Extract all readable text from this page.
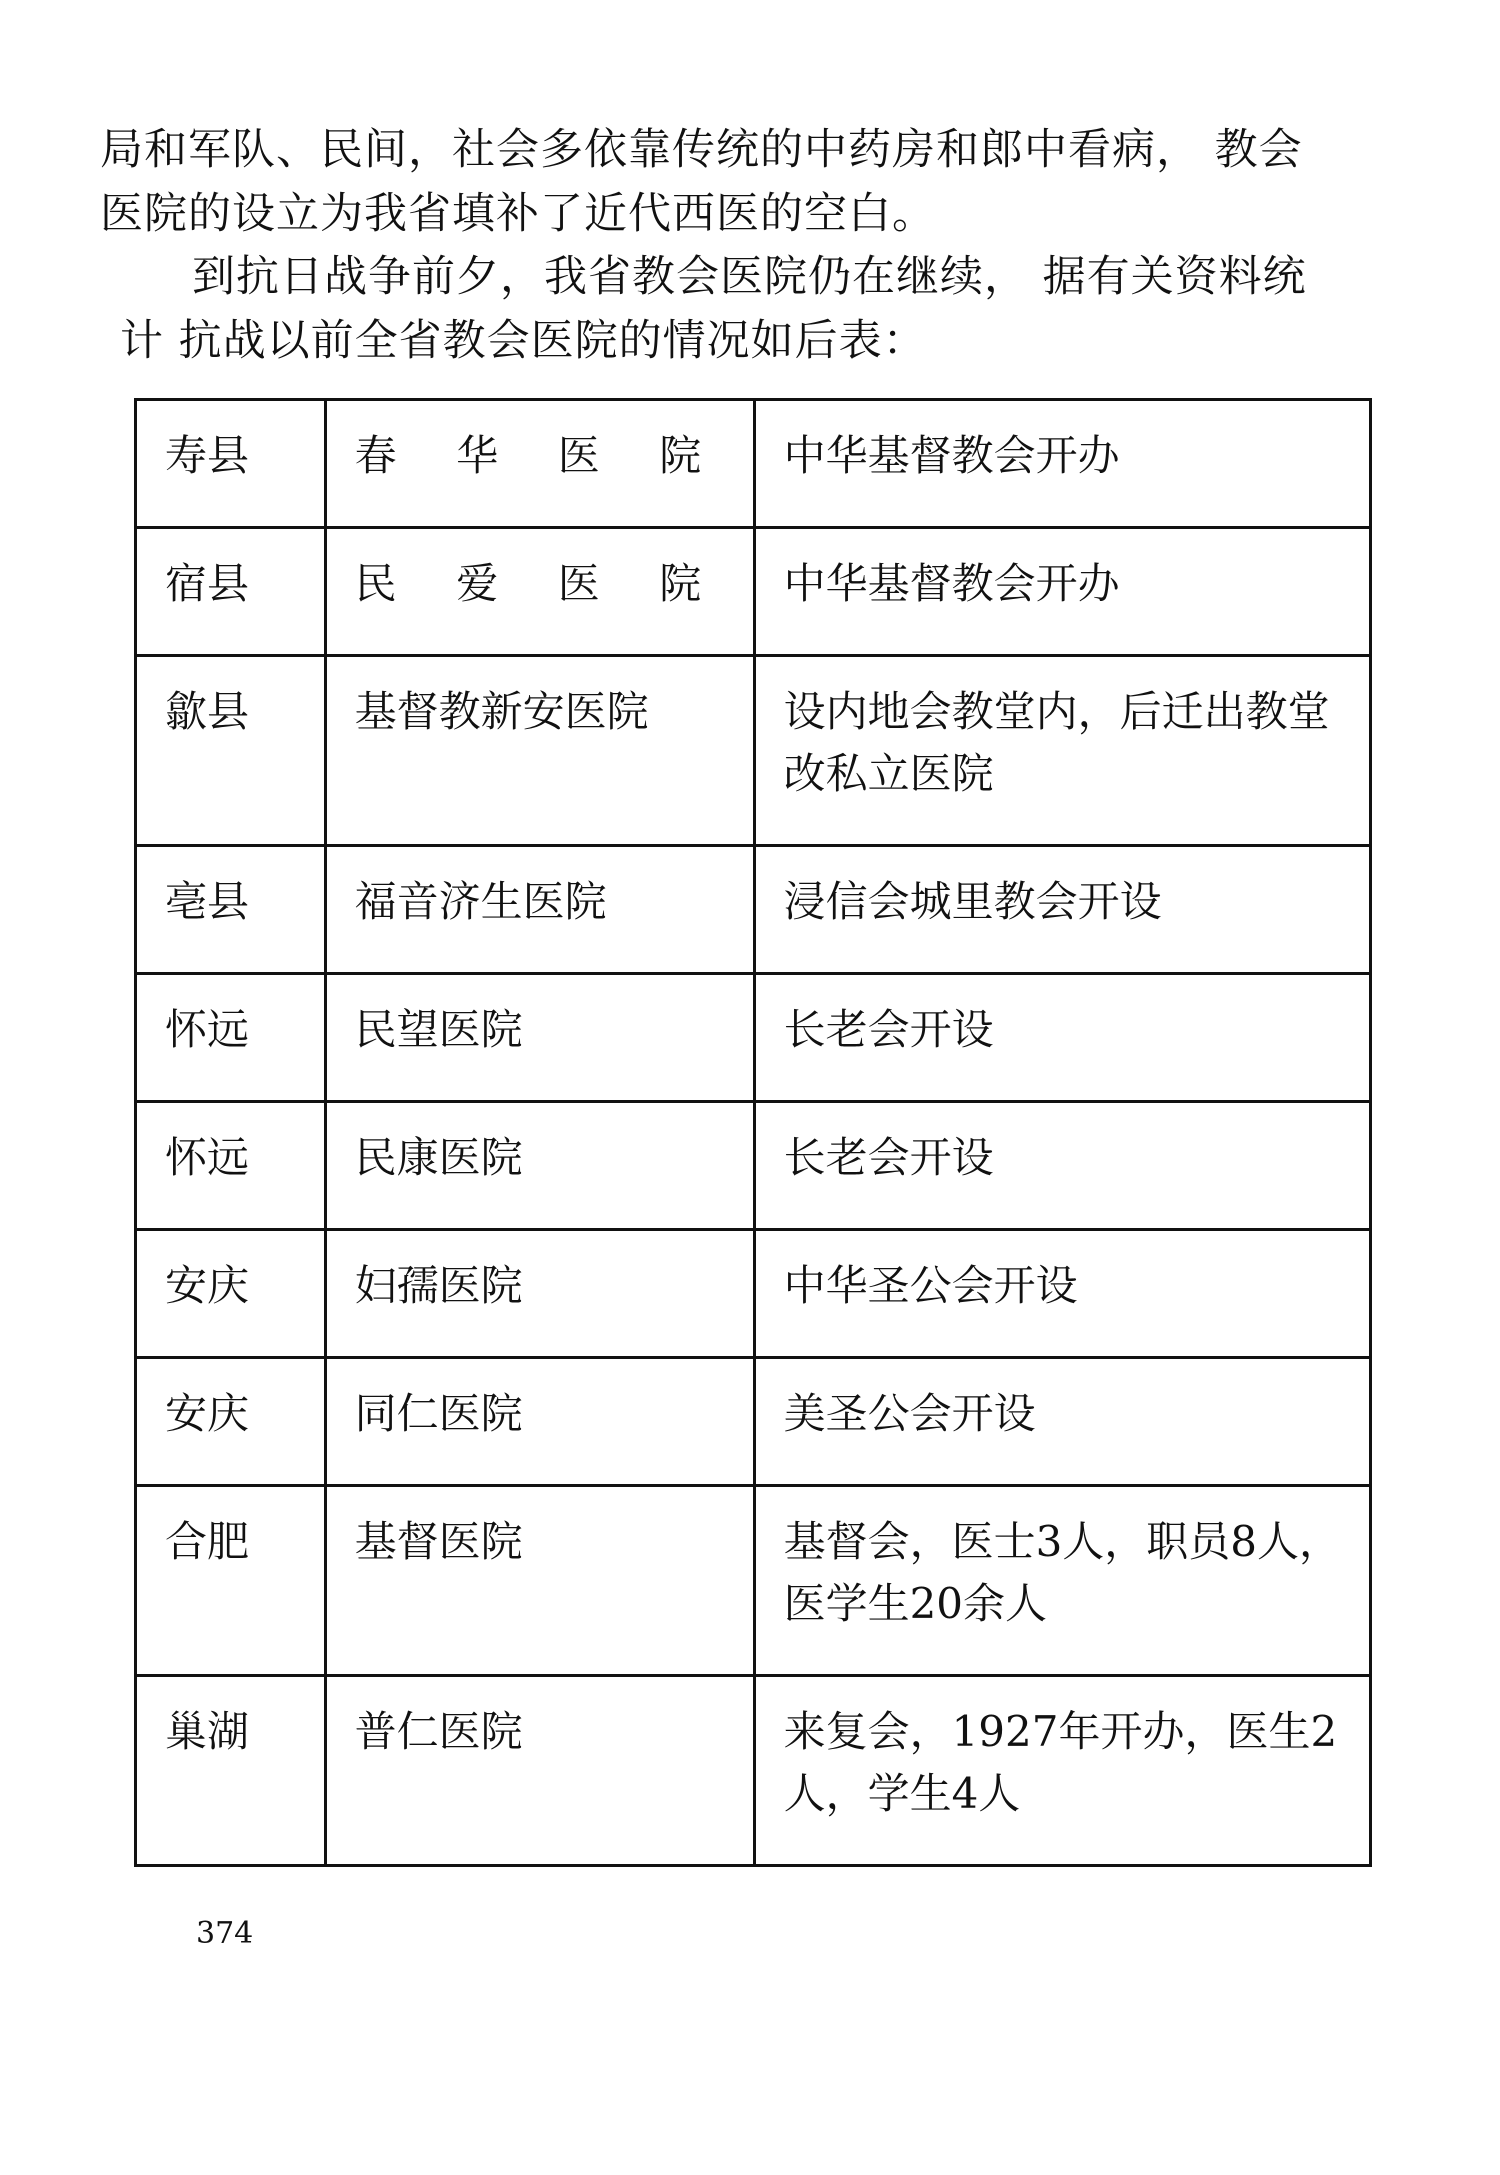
局和军队、民间，社会多依靠传统的中药房和郎中看病， 教会
医院的设立为我省填补了近代西医的空白。

到抗日战争前夕，我省教会医院仍在继续， 据有关资料统
计 抗战以前全省教会医院的情况如后表：

寿县	春 华 医 院	中华基督教会开办
宿县	民 爱 医 院	中华基督教会开办
歙县	基督教新安医院	设内地会教堂内，后迁出教堂改私立医院
亳县	福音济生医院	浸信会城里教会开设
怀远	民望医院	长老会开设
怀远	民康医院	长老会开设
安庆	妇孺医院	中华圣公会开设
安庆	同仁医院	美圣公会开设
合肥	基督医院	基督会，医士3人，职员8人，医学生20余人
巢湖	普仁医院	来复会，1927年开办，医生2人，学生4人
374
